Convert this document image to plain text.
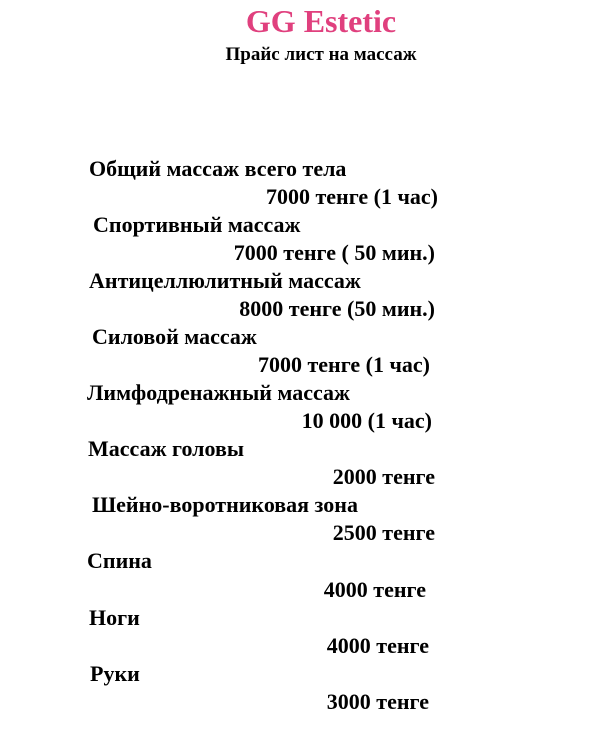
GG Estetic
Прайс лист на массаж
Общий массаж всего тела
7000 тенге (1 час)
Спортивный массаж
7000 тенге ( 50 мин.)
Антицеллюлитный массаж
8000 тенге (50 мин.)
Силовой массаж
7000 тенге (1 час)
Лимфодренажный массаж
10 000 (1 час)
Массаж головы
2000 тенге
Шейно-воротниковая зона
2500 тенге
Спина
4000 тенге
Ноги
4000 тенге
Руки
3000 тенге
